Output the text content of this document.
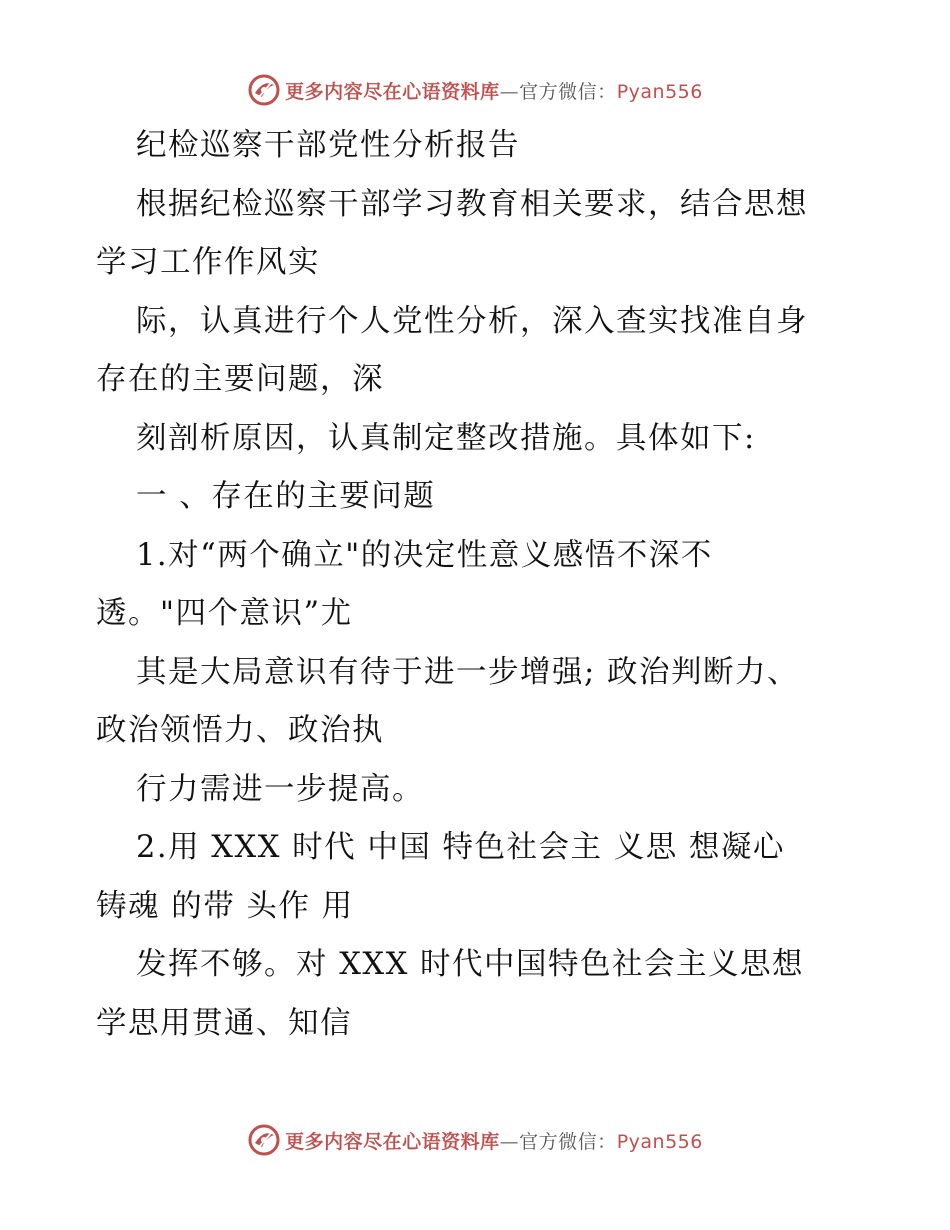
更多内容尽在心语资料库—官方微信：Pyan556
纪检巡察干部党性分析报告
根据纪检巡察干部学习教育相关要求，结合思想
学习工作作风实
际，认真进行个人党性分析，深入查实找准自身
存在的主要问题，深
刻剖析原因，认真制定整改措施。具体如下:
一 、存在的主要问题
1.对“两个确立"的决定性意义感悟不深不
透。"四个意识”尤
其是大局意识有待于进一步增强; 政治判断力、
政治领悟力、政治执
行力需进一步提高。
2.用 XXX 时代 中国 特色社会主 义思 想凝心
铸魂 的带 头作 用
发挥不够。对 XXX 时代中国特色社会主义思想
学思用贯通、知信
更多内容尽在心语资料库—官方微信：Pyan556
